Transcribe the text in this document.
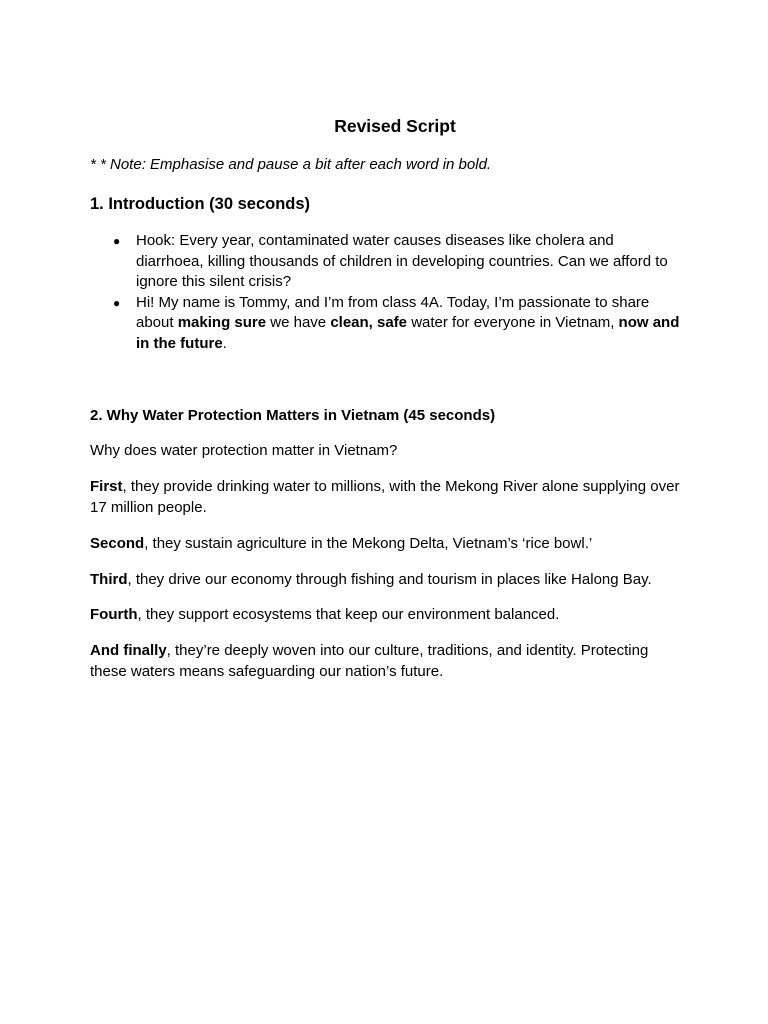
Revised Script
* * Note: Emphasise and pause a bit after each word in bold.
1. Introduction (30 seconds)
● Hook: Every year, contaminated water causes diseases like cholera and diarrhoea, killing thousands of children in developing countries. Can we afford to ignore this silent crisis?
● Hi! My name is Tommy, and I’m from class 4A. Today, I’m passionate to share about making sure we have clean, safe water for everyone in Vietnam, now and in the future.
2. Why Water Protection Matters in Vietnam (45 seconds)
Why does water protection matter in Vietnam?
First, they provide drinking water to millions, with the Mekong River alone supplying over 17 million people.
Second, they sustain agriculture in the Mekong Delta, Vietnam’s ‘rice bowl.’
Third, they drive our economy through fishing and tourism in places like Halong Bay.
Fourth, they support ecosystems that keep our environment balanced.
And finally, they’re deeply woven into our culture, traditions, and identity. Protecting these waters means safeguarding our nation’s future.
